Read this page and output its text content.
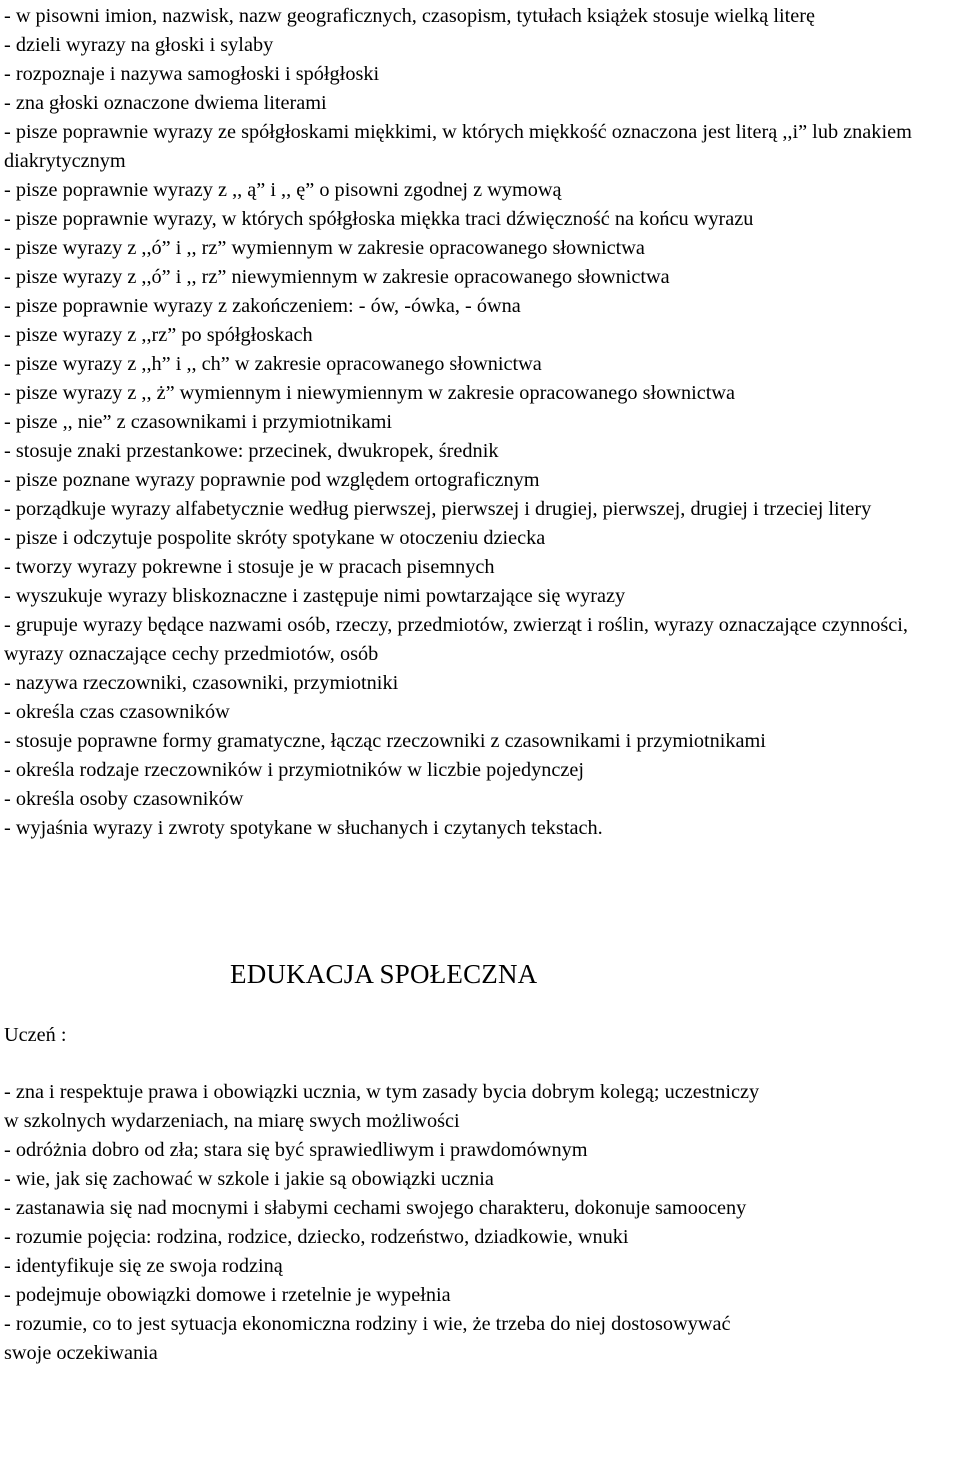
- w pisowni imion, nazwisk, nazw geograficznych, czasopism, tytułach książek stosuje wielką literę
- dzieli wyrazy na głoski i sylaby
- rozpoznaje i nazywa samogłoski i spółgłoski
- zna głoski oznaczone dwiema literami
- pisze poprawnie wyrazy ze spółgłoskami miękkimi, w których miękkość oznaczona jest literą ,,i” lub znakiem diakrytycznym
- pisze poprawnie wyrazy z ,, ą” i ,, ę” o pisowni zgodnej z wymową
- pisze poprawnie wyrazy, w których spółgłoska miękka traci dźwięczność na końcu wyrazu
- pisze wyrazy z ,,ó” i ,, rz” wymiennym w zakresie opracowanego słownictwa
- pisze wyrazy z ,,ó” i ,, rz” niewymiennym w zakresie opracowanego słownictwa
- pisze poprawnie wyrazy z zakończeniem: - ów, -ówka, - ówna
- pisze wyrazy z ,,rz” po spółgłoskach
- pisze wyrazy z ,,h” i ,, ch” w zakresie opracowanego słownictwa
- pisze wyrazy z ,, ż” wymiennym i niewymiennym w zakresie opracowanego słownictwa
- pisze ,, nie” z czasownikami i przymiotnikami
- stosuje znaki przestankowe: przecinek, dwukropek, średnik
- pisze poznane wyrazy poprawnie pod względem ortograficznym
- porządkuje wyrazy alfabetycznie według pierwszej, pierwszej i drugiej, pierwszej, drugiej i trzeciej litery
- pisze i odczytuje pospolite skróty spotykane w otoczeniu dziecka
- tworzy wyrazy pokrewne i stosuje je w pracach pisemnych
- wyszukuje wyrazy bliskoznaczne i zastępuje nimi powtarzające się wyrazy
- grupuje wyrazy będące nazwami osób, rzeczy, przedmiotów, zwierząt i roślin, wyrazy oznaczające czynności, wyrazy oznaczające cechy przedmiotów, osób
- nazywa rzeczowniki, czasowniki, przymiotniki
- określa czas czasowników
- stosuje poprawne formy gramatyczne, łącząc rzeczowniki z czasownikami i przymiotnikami
- określa rodzaje rzeczowników i przymiotników w liczbie pojedynczej
- określa osoby czasowników
- wyjaśnia wyrazy i zwroty spotykane w słuchanych i czytanych tekstach.
EDUKACJA SPOŁECZNA

Uczeń :

- zna i respektuje prawa i obowiązki ucznia, w tym zasady bycia dobrym kolegą; uczestniczy w szkolnych wydarzeniach, na miarę swych możliwości
- odróżnia dobro od zła; stara się być sprawiedliwym i prawdomównym
- wie, jak się zachować w szkole i jakie są obowiązki ucznia
- zastanawia się nad mocnymi i słabymi cechami swojego charakteru, dokonuje samooceny
- rozumie pojęcia: rodzina, rodzice, dziecko, rodzeństwo, dziadkowie, wnuki
- identyfikuje się ze swoja rodziną
- podejmuje obowiązki domowe i rzetelnie je wypełnia
- rozumie, co to jest sytuacja ekonomiczna rodziny i wie, że trzeba do niej dostosowywać swoje oczekiwania
